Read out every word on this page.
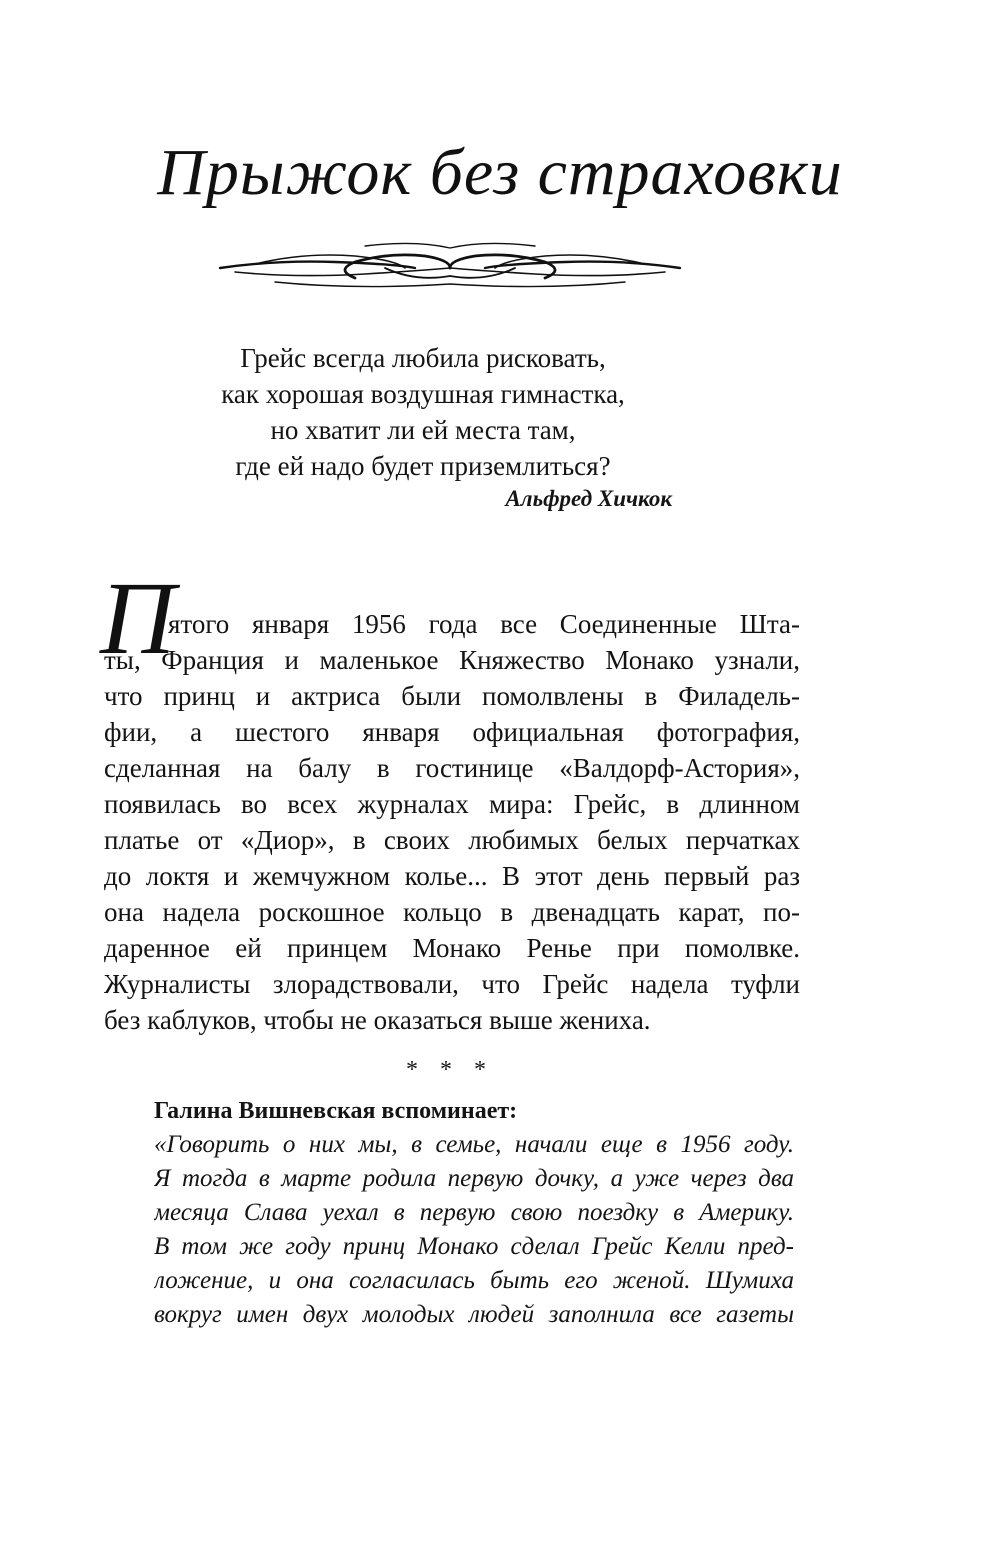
Прыжок без страховки
Грейс всегда любила рисковать,
как хорошая воздушная гимнастка,
но хватит ли ей места там,
где ей надо будет приземлиться?
Альфред Хичкок
П
ятого января 1956 года все Соединенные Шта-
ты, Франция и маленькое Княжество Монако узнали,
что принц и актриса были помолвлены в Филадель-
фии, а шестого января официальная фотография,
сделанная на балу в гостинице «Валдорф-Астория»,
появилась во всех журналах мира: Грейс, в длинном
платье от «Диор», в своих любимых белых перчатках
до локтя и жемчужном колье... В этот день первый раз
она надела роскошное кольцо в двенадцать карат, по-
даренное ей принцем Монако Ренье при помолвке.
Журналисты злорадствовали, что Грейс надела туфли
без каблуков, чтобы не оказаться выше жениха.
* * *
Галина Вишневская вспоминает:
«Говорить о них мы, в семье, начали еще в 1956 году.
Я тогда в марте родила первую дочку, а уже через два
месяца Слава уехал в первую свою поездку в Америку.
В том же году принц Монако сделал Грейс Келли пред-
ложение, и она согласилась быть его женой. Шумиха
вокруг имен двух молодых людей заполнила все газеты
